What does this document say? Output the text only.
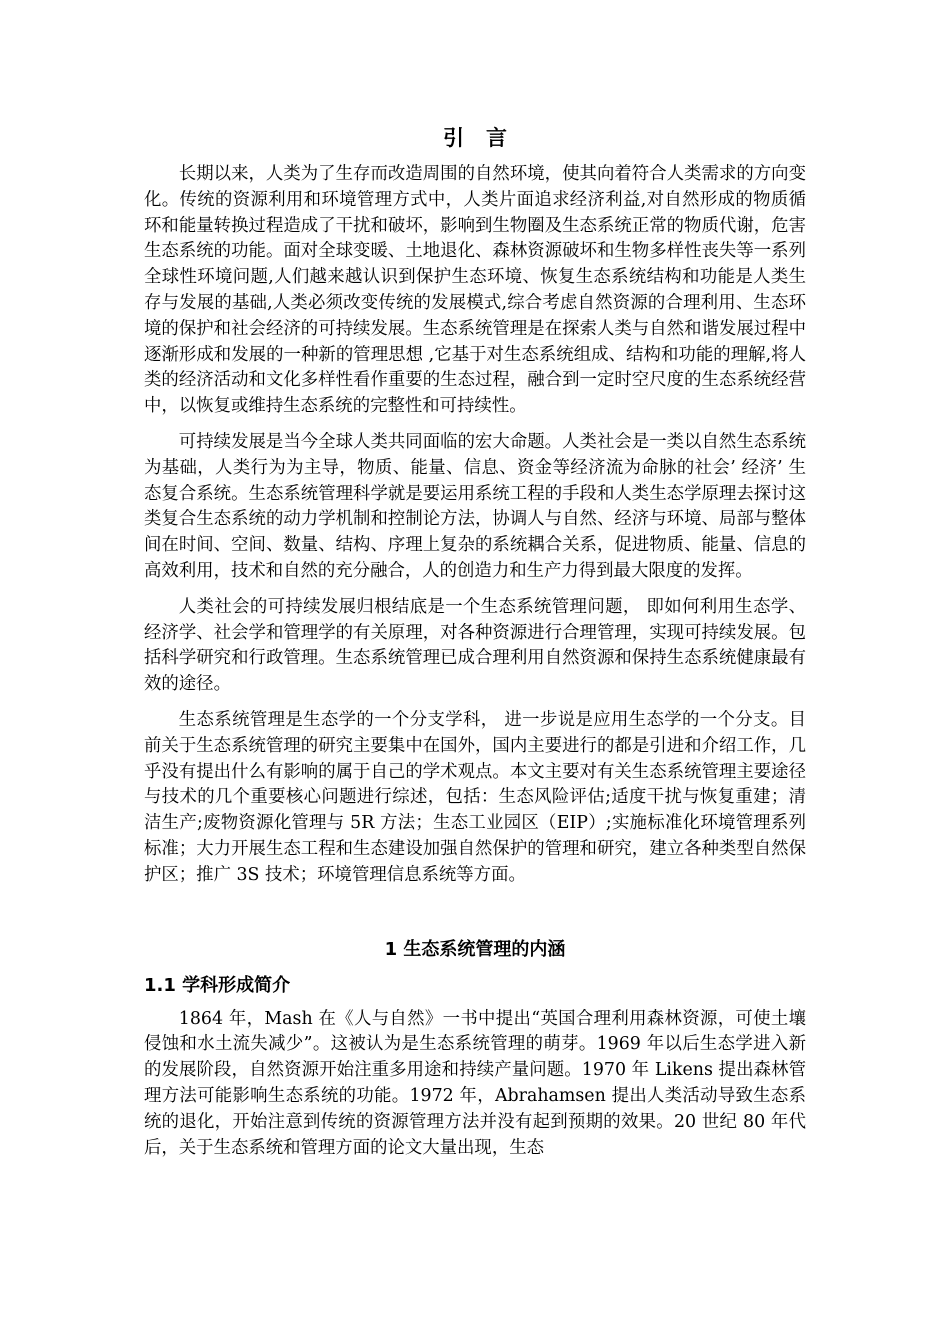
引言

长期以来，人类为了生存而改造周围的自然环境，使其向着符合人类需求的方向变化。传统的资源利用和环境管理方式中，人类片面追求经济利益,对自然形成的物质循环和能量转换过程造成了干扰和破坏，影响到生物圈及生态系统正常的物质代谢，危害生态系统的功能。面对全球变暖、土地退化、森林资源破坏和生物多样性丧失等一系列全球性环境问题,人们越来越认识到保护生态环境、恢复生态系统结构和功能是人类生存与发展的基础,人类必须改变传统的发展模式,综合考虑自然资源的合理利用、生态环境的保护和社会经济的可持续发展。生态系统管理是在探索人类与自然和谐发展过程中逐渐形成和发展的一种新的管理思想 ,它基于对生态系统组成、结构和功能的理解,将人类的经济活动和文化多样性看作重要的生态过程，融合到一定时空尺度的生态系统经营中，以恢复或维持生态系统的完整性和可持续性。

可持续发展是当今全球人类共同面临的宏大命题。人类社会是一类以自然生态系统为基础，人类行为为主导，物质、能量、信息、资金等经济流为命脉的社会’ 经济’ 生态复合系统。生态系统管理科学就是要运用系统工程的手段和人类生态学原理去探讨这类复合生态系统的动力学机制和控制论方法，协调人与自然、经济与环境、局部与整体间在时间、空间、数量、结构、序理上复杂的系统耦合关系，促进物质、能量、信息的高效利用，技术和自然的充分融合，人的创造力和生产力得到最大限度的发挥。

人类社会的可持续发展归根结底是一个生态系统管理问题， 即如何利用生态学、经济学、社会学和管理学的有关原理，对各种资源进行合理管理，实现可持续发展。包括科学研究和行政管理。生态系统管理已成合理利用自然资源和保持生态系统健康最有效的途径。

生态系统管理是生态学的一个分支学科， 进一步说是应用生态学的一个分支。目前关于生态系统管理的研究主要集中在国外，国内主要进行的都是引进和介绍工作，几乎没有提出什么有影响的属于自己的学术观点。本文主要对有关生态系统管理主要途径与技术的几个重要核心问题进行综述，包括：生态风险评估;适度干扰与恢复重建；清洁生产;废物资源化管理与 5R 方法；生态工业园区（EIP）;实施标准化环境管理系列标准；大力开展生态工程和生态建设加强自然保护的管理和研究，建立各种类型自然保护区；推广 3S 技术；环境管理信息系统等方面。

1 生态系统管理的内涵
1.1 学科形成简介

1864 年，Mash 在《人与自然》一书中提出“英国合理利用森林资源，可使土壤侵蚀和水土流失减少”。这被认为是生态系统管理的萌芽。1969 年以后生态学进入新的发展阶段，自然资源开始注重多用途和持续产量问题。1970 年 Likens 提出森林管理方法可能影响生态系统的功能。1972 年，Abrahamsen 提出人类活动导致生态系统的退化，开始注意到传统的资源管理方法并没有起到预期的效果。20 世纪 80 年代后，关于生态系统和管理方面的论文大量出现，生态
